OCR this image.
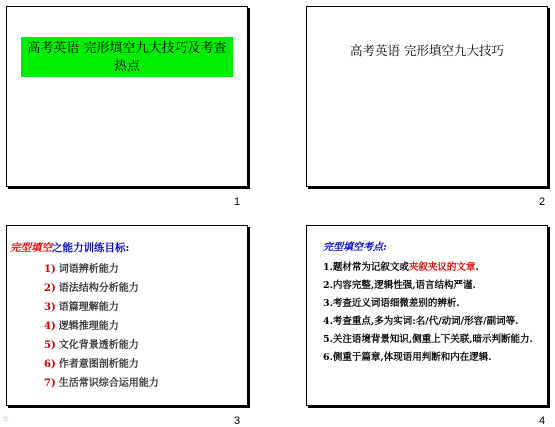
高考英语 完形填空九大技巧及考查热点
1
高考英语 完形填空九大技巧
2
完型填空之能力训练目标:
1) 词语辨析能力
2) 语法结构分析能力
3) 语篇理解能力
4) 逻辑推理能力
5) 文化背景透析能力
6) 作者意图剖析能力
7) 生活常识综合运用能力
3
完型填空考点:
1.题材常为记叙文或夹叙夹议的文章.
2.内容完整,逻辑性强,语言结构严谨.
3.考查近义词语细微差别的辨析.
4.考查重点,多为实词:名/代/动词/形容/副词等.
5.关注语境背景知识,侧重上下关联,暗示判断能力.
6.侧重于篇章,体现语用判断和内在逻辑.
4
☆
